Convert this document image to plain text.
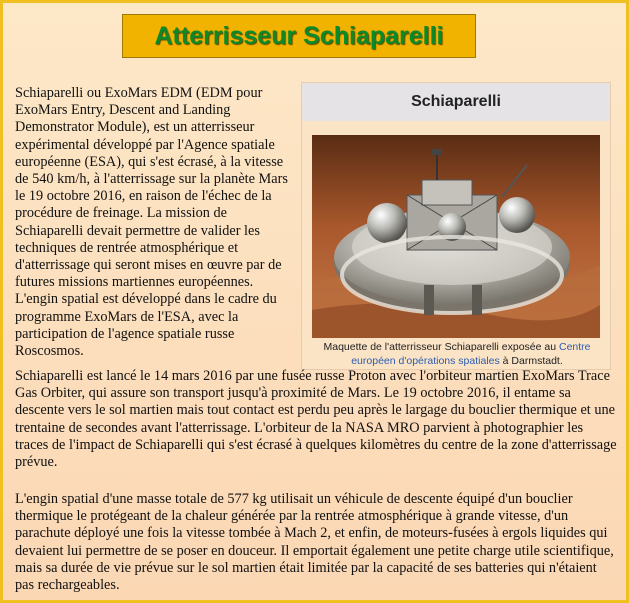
Atterrisseur Schiaparelli

Schiaparelli ou ExoMars EDM (EDM pour ExoMars Entry, Descent and Landing Demonstrator Module), est un atterrisseur expérimental développé par l'Agence spatiale européenne (ESA), qui s'est écrasé, à la vitesse de 540 km/h, à l'atterrissage sur la planète Mars le 19 octobre 2016, en raison de l'échec de la procédure de freinage. La mission de Schiaparelli devait permettre de valider les techniques de rentrée atmosphérique et d'atterrissage qui seront mises en œuvre par de futures missions martiennes européennes. L'engin spatial est développé dans le cadre du programme ExoMars de l'ESA, avec la participation de l'agence spatiale russe Roscosmos.

Schiaparelli
Maquette de l'atterrisseur Schiaparelli exposée au Centre européen d'opérations spatiales à Darmstadt.

Schiaparelli est lancé le 14 mars 2016 par une fusée russe Proton avec l'orbiteur martien ExoMars Trace Gas Orbiter, qui assure son transport jusqu'à proximité de Mars. Le 19 octobre 2016, il entame sa descente vers le sol martien mais tout contact est perdu peu après le largage du bouclier thermique et une trentaine de secondes avant l'atterrissage. L'orbiteur de la NASA MRO parvient à photographier les traces de l'impact de Schiaparelli qui s'est écrasé à quelques kilomètres du centre de la zone d'atterrissage prévue.

L'engin spatial d'une masse totale de 577 kg utilisait un véhicule de descente équipé d'un bouclier thermique le protégeant de la chaleur générée par la rentrée atmosphérique à grande vitesse, d'un parachute déployé une fois la vitesse tombée à Mach 2, et enfin, de moteurs-fusées à ergols liquides qui devaient lui permettre de se poser en douceur. Il emportait également une petite charge utile scientifique, mais sa durée de vie prévue sur le sol martien était limitée par la capacité de ses batteries qui n'étaient pas rechargeables.
